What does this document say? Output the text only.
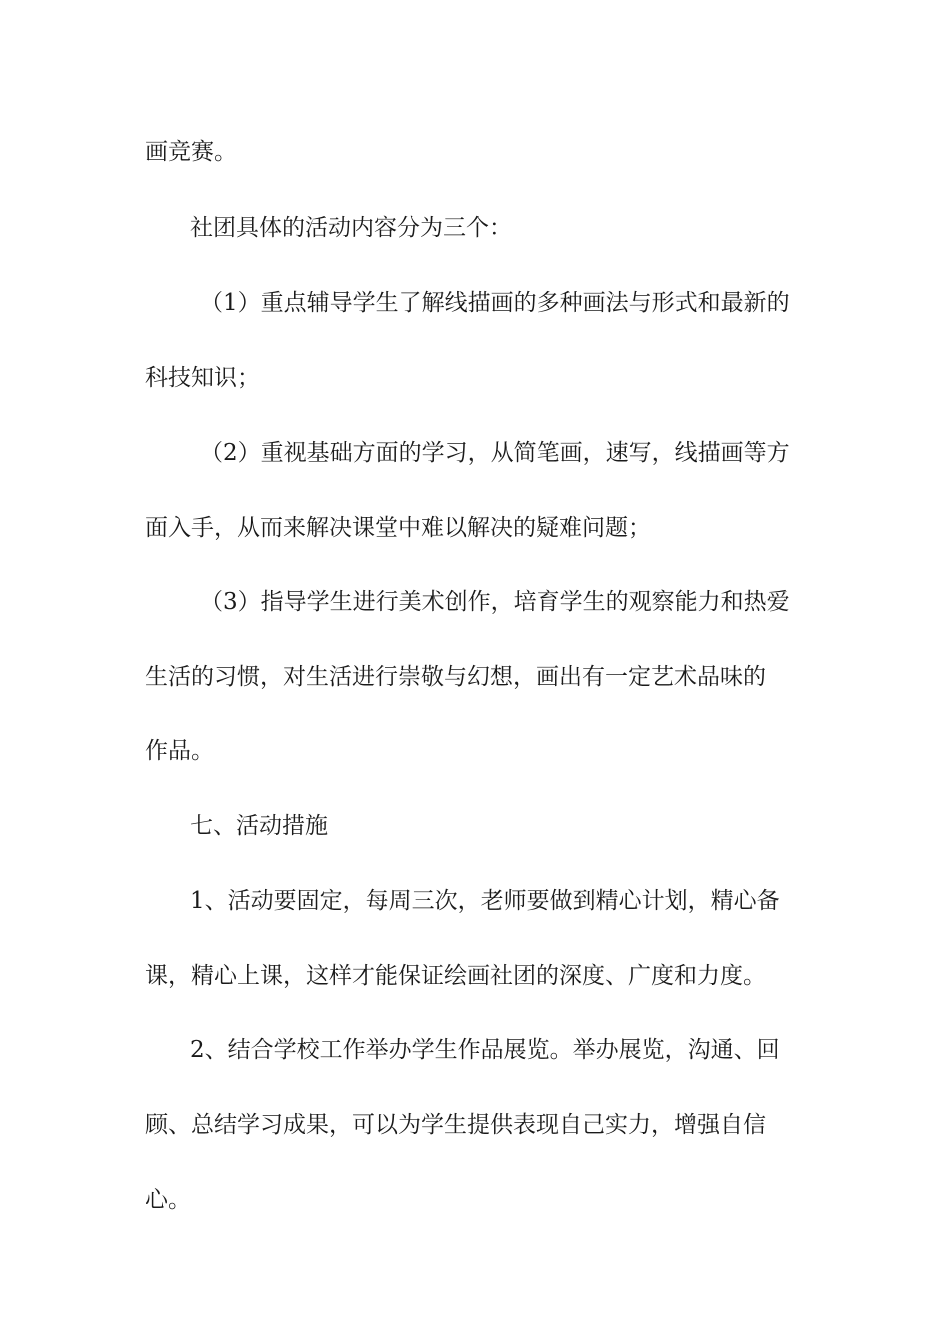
画竞赛。
社团具体的活动内容分为三个：
（1）重点辅导学生了解线描画的多种画法与形式和最新的
科技知识；
（2）重视基础方面的学习，从简笔画，速写，线描画等方
面入手，从而来解决课堂中难以解决的疑难问题；
（3）指导学生进行美术创作，培育学生的观察能力和热爱
生活的习惯，对生活进行崇敬与幻想，画出有一定艺术品味的
作品。
七、活动措施
1、活动要固定，每周三次，老师要做到精心计划，精心备
课，精心上课，这样才能保证绘画社团的深度、广度和力度。
2、结合学校工作举办学生作品展览。举办展览，沟通、回
顾、总结学习成果，可以为学生提供表现自己实力，增强自信
心。
